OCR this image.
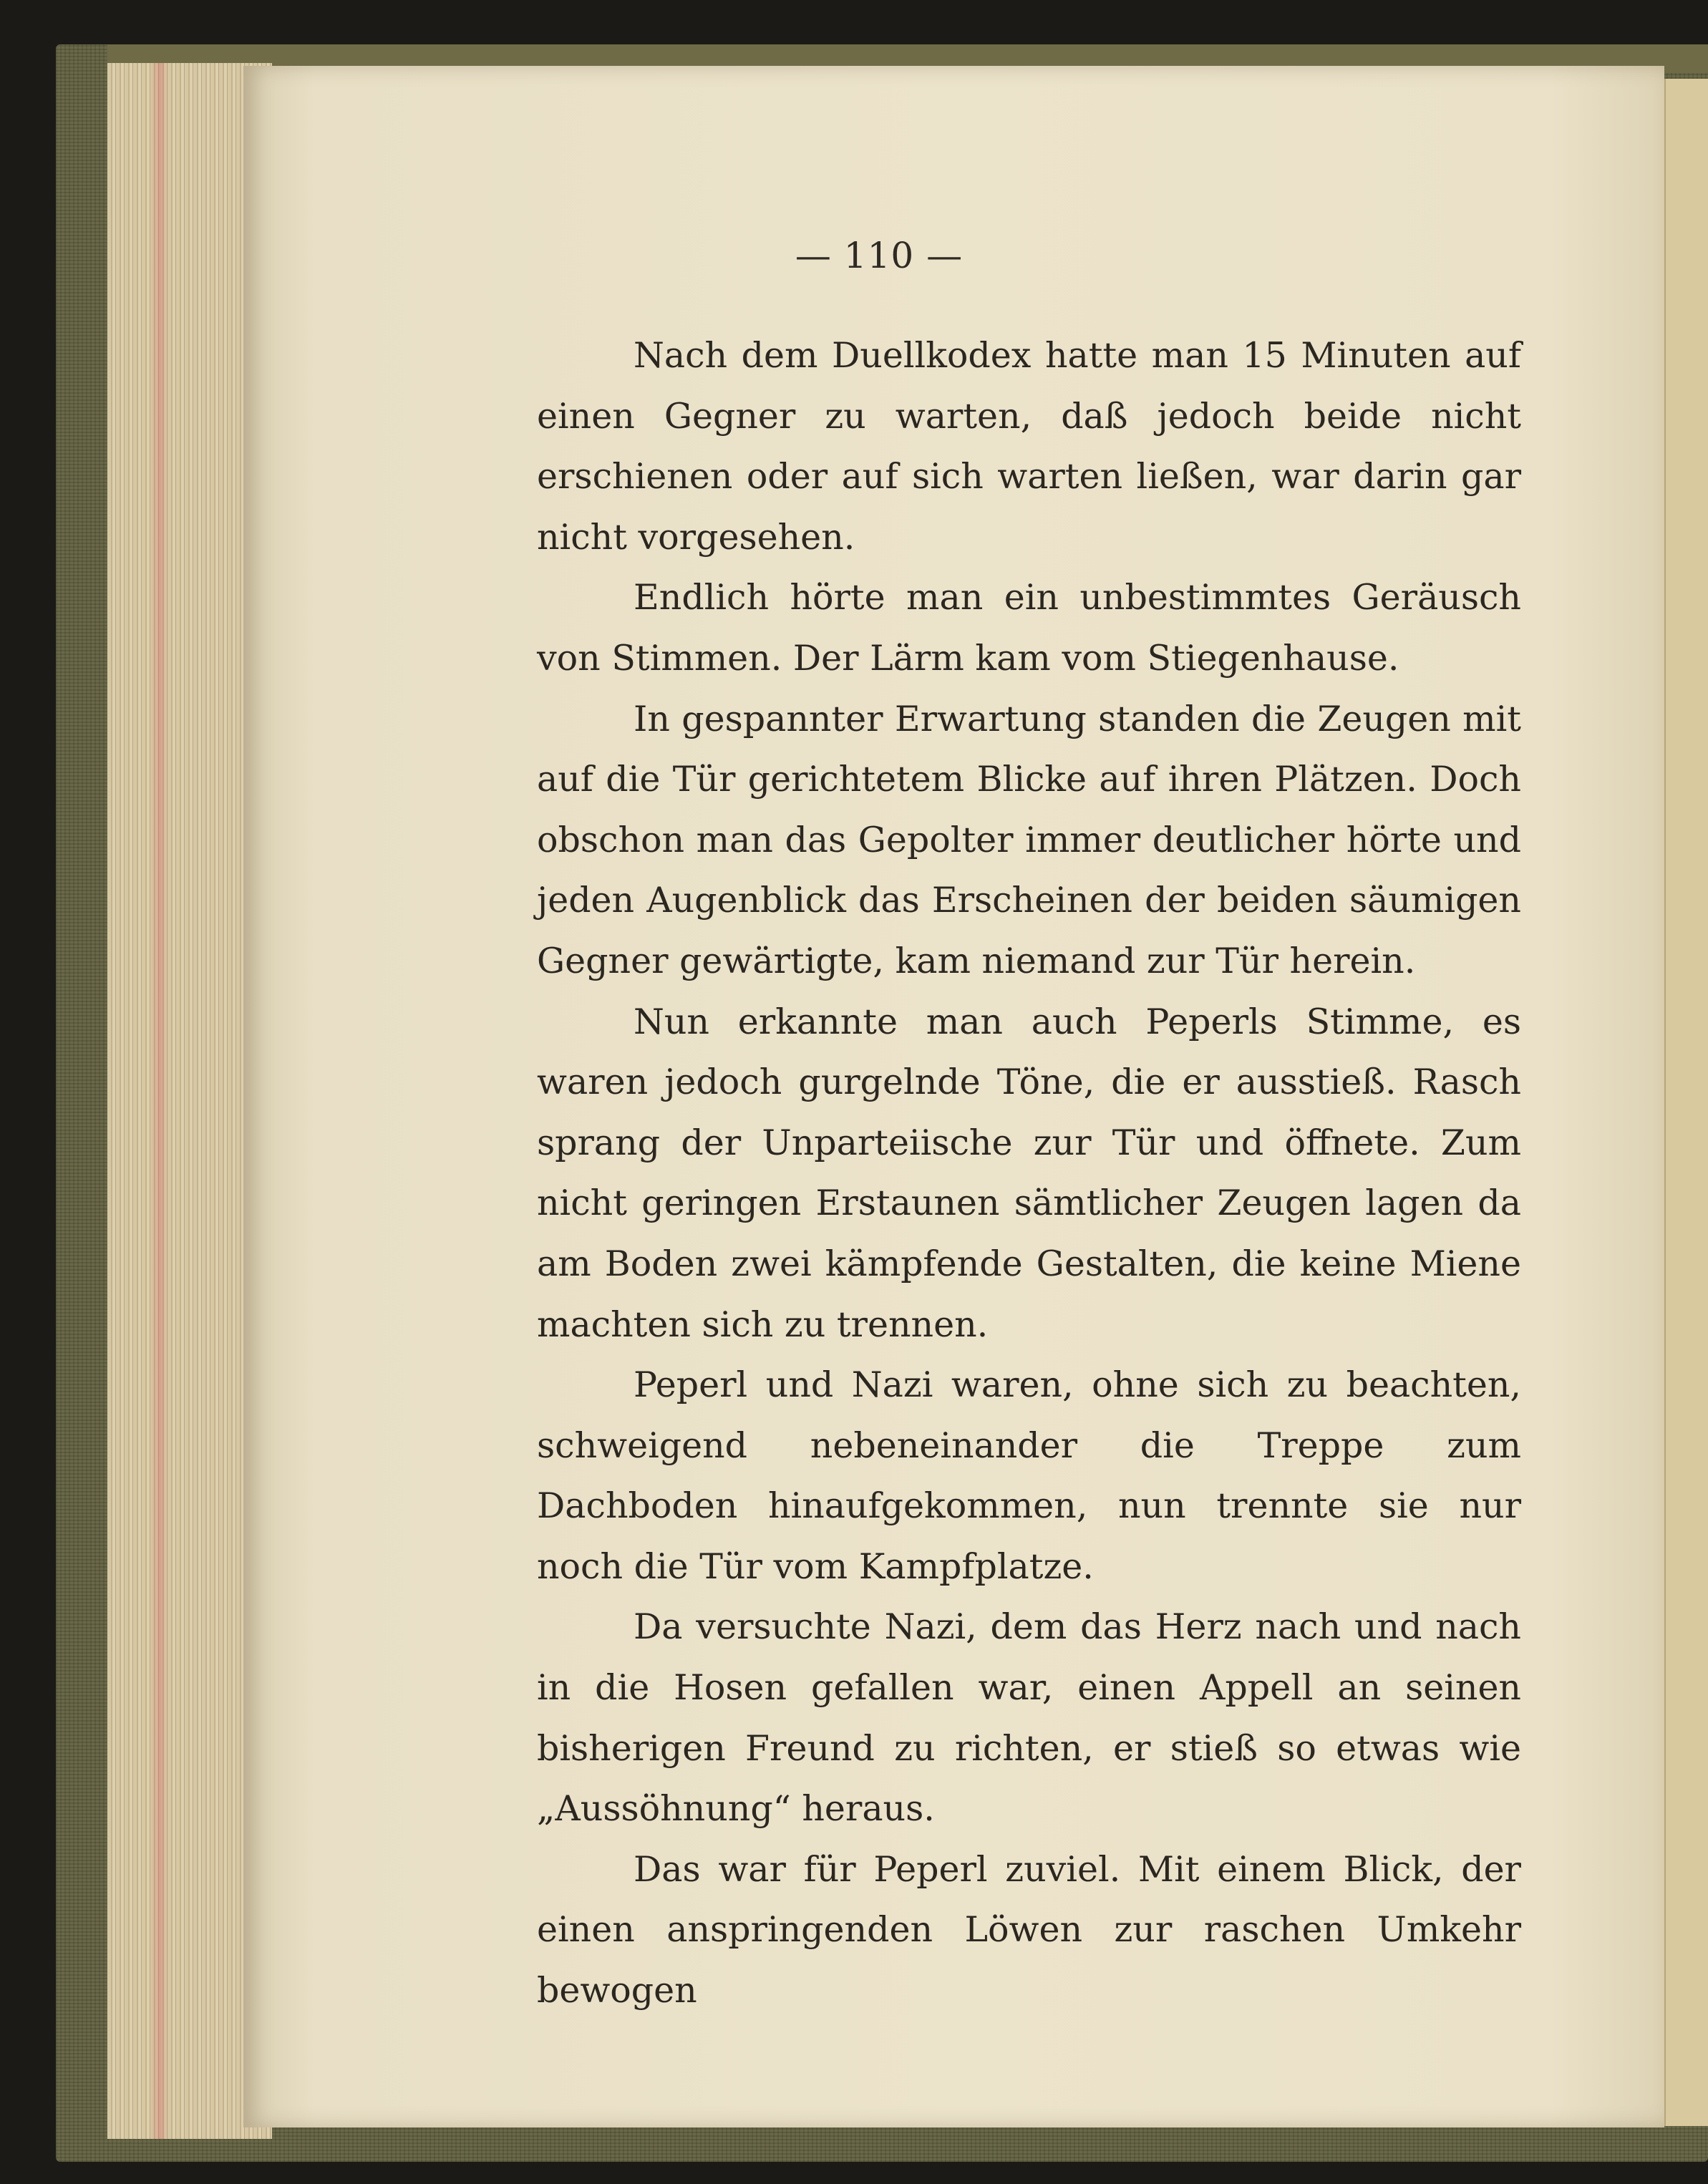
— 110 —

Nach dem Duellkodex hatte man 15 Minuten auf einen Gegner zu warten, daß jedoch beide nicht erschienen oder auf sich warten ließen, war darin gar nicht vorgesehen.

Endlich hörte man ein unbestimmtes Geräusch von Stimmen. Der Lärm kam vom Stiegenhause.

In gespannter Erwartung standen die Zeugen mit auf die Tür gerichtetem Blicke auf ihren Plätzen. Doch obschon man das Gepolter immer deutlicher hörte und jeden Augenblick das Erscheinen der beiden säumigen Gegner gewärtigte, kam niemand zur Tür herein.

Nun erkannte man auch Peperls Stimme, es waren jedoch gurgelnde Töne, die er ausstieß. Rasch sprang der Unparteiische zur Tür und öffnete. Zum nicht geringen Erstaunen sämtlicher Zeugen lagen da am Boden zwei kämpfende Gestalten, die keine Miene machten sich zu trennen.

Peperl und Nazi waren, ohne sich zu beachten, schweigend nebeneinander die Treppe zum Dachboden hinaufgekommen, nun trennte sie nur noch die Tür vom Kampfplatze.

Da versuchte Nazi, dem das Herz nach und nach in die Hosen gefallen war, einen Appell an seinen bisherigen Freund zu richten, er stieß so etwas wie „Aussöhnung“ heraus.

Das war für Peperl zuviel. Mit einem Blick, der einen anspringenden Löwen zur raschen Umkehr bewogen
